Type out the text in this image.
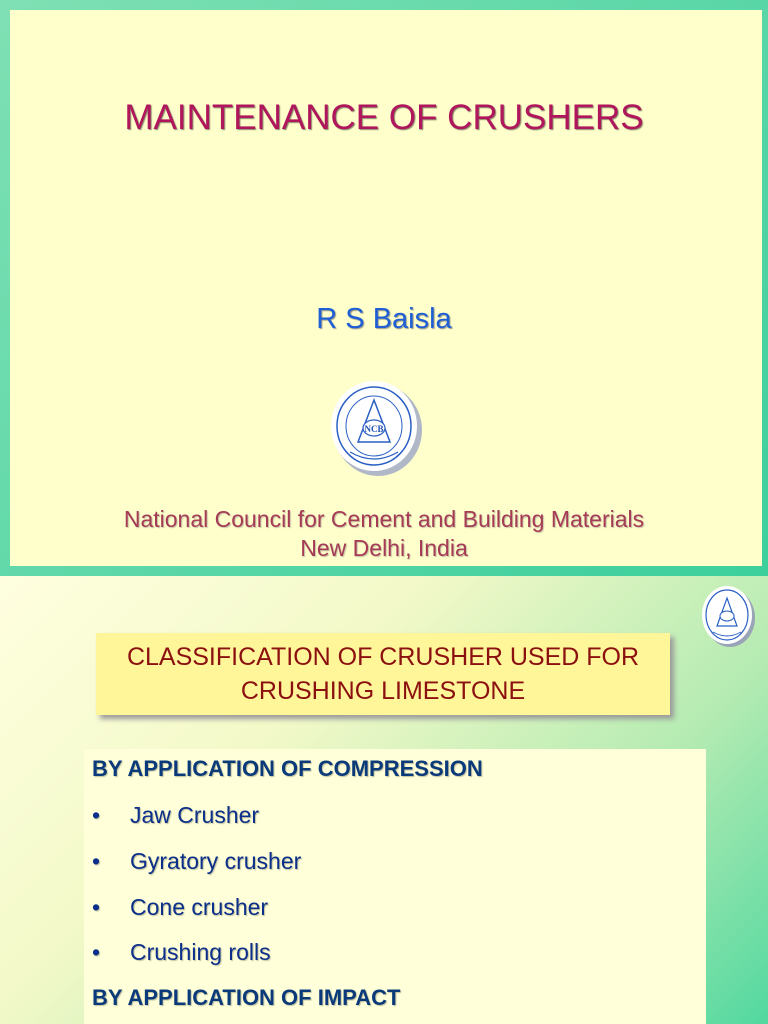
MAINTENANCE OF CRUSHERS
R S Baisla
NCB
National Council for Cement and Building Materials
New Delhi, India
CLASSIFICATION OF CRUSHER USED FOR
CRUSHING LIMESTONE
BY APPLICATION OF COMPRESSION
• Jaw Crusher
• Gyratory crusher
• Cone crusher
• Crushing rolls
BY APPLICATION OF IMPACT
